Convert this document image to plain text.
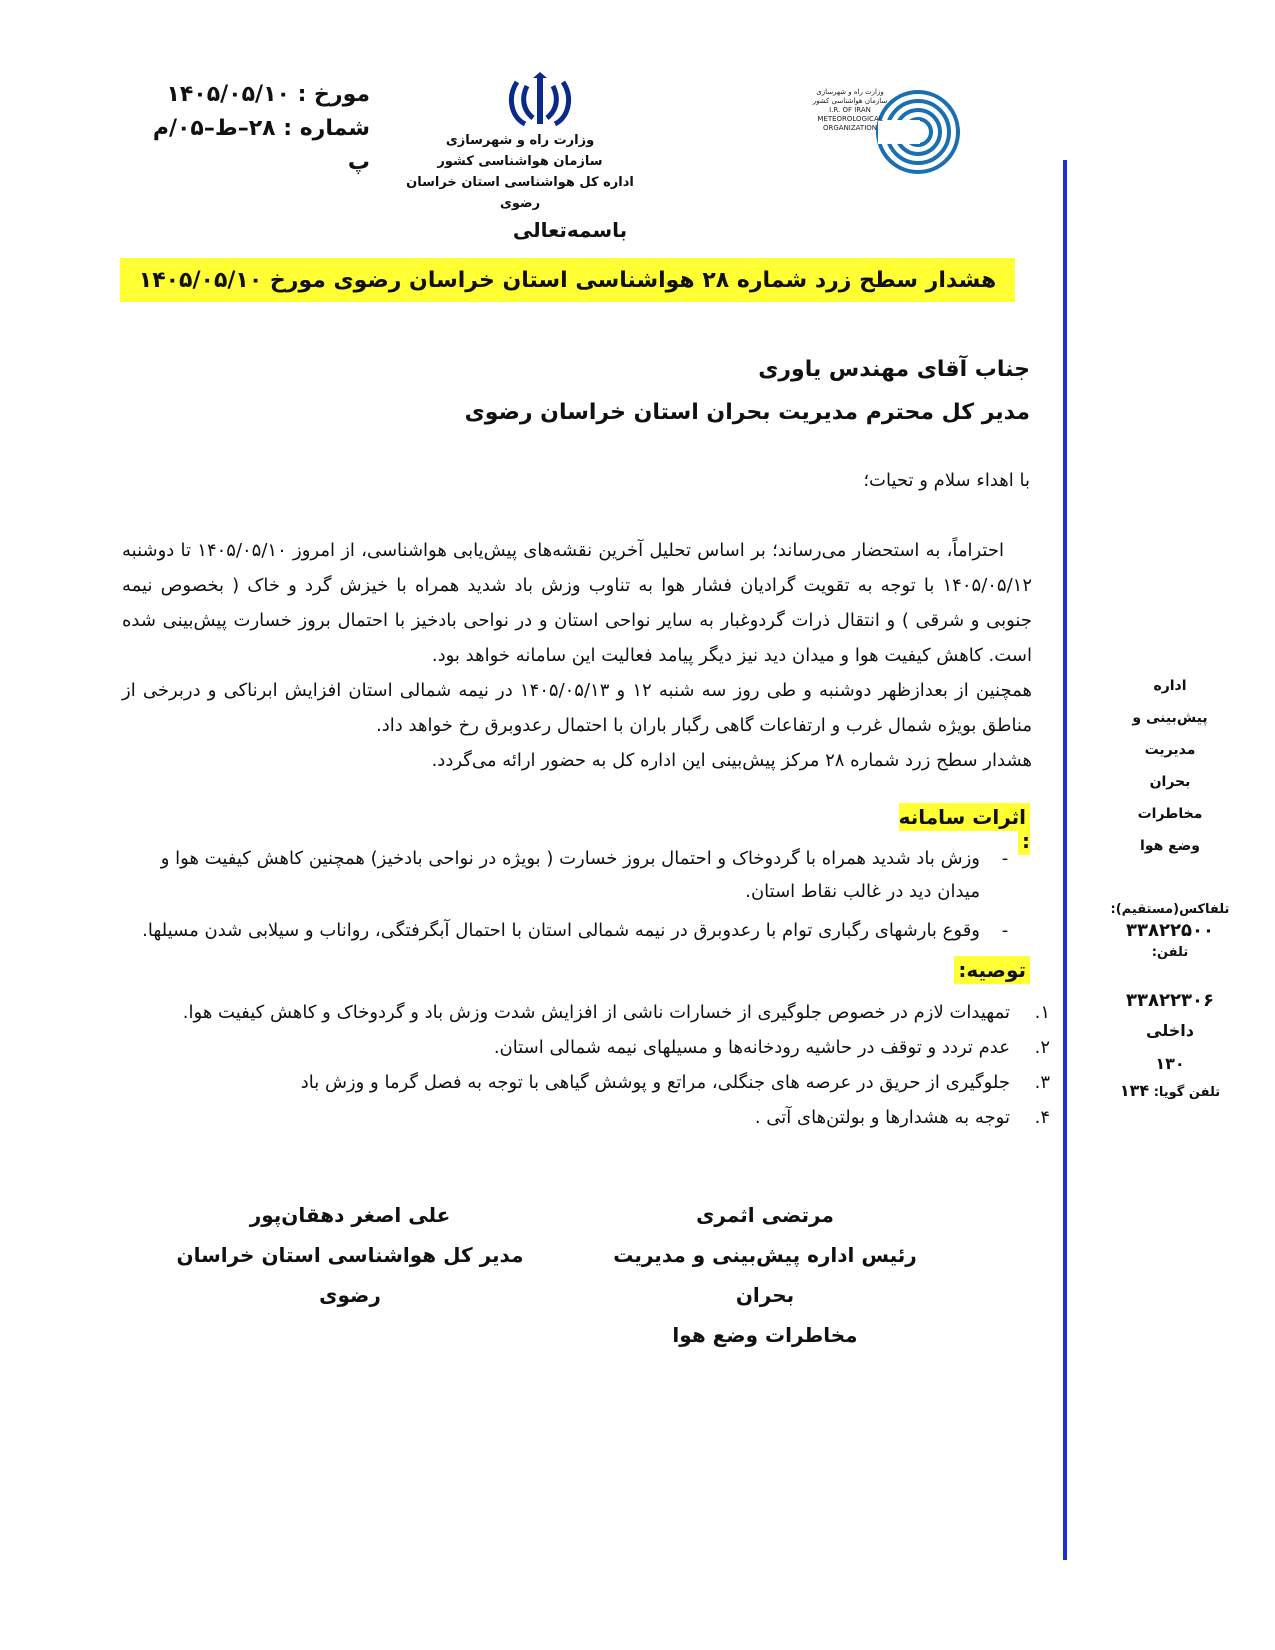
مورخ : ۱۴۰۵/۰۵/۱۰
شماره : ۲۸–ط–۰۵/م پ
وزارت راه و شهرسازی
سازمان هواشناسی کشور
اداره کل هواشناسی استان خراسان رضوی
وزارت راه و شهرسازی
سازمان هواشناسی کشور
I.R. OF IRAN
METEOROLOGICAL
ORGANIZATION
باسمه‌تعالی
هشدار سطح زرد شماره ۲۸ هواشناسی استان خراسان رضوی مورخ ۱۴۰۵/۰۵/۱۰
جناب آقای مهندس یاوری
مدیر کل محترم مدیریت بحران استان خراسان رضوی
با اهداء سلام و تحیات؛

احتراماً، به استحضار می‌رساند؛ بر اساس تحلیل آخرین نقشه‌های پیش‌یابی هواشناسی، از امروز ۱۴۰۵/۰۵/۱۰ تا دوشنبه ۱۴۰۵/۰۵/۱۲ با توجه به تقویت گرادیان فشار هوا به تناوب وزش باد شدید همراه با خیزش گرد و خاک ( بخصوص نیمه جنوبی و شرقی ) و انتقال ذرات گردوغبار به سایر نواحی استان و در نواحی بادخیز با احتمال بروز خسارت پیش‌بینی شده است. کاهش کیفیت هوا و میدان دید نیز دیگر پیامد فعالیت این سامانه خواهد بود.

همچنین از بعدازظهر دوشنبه و طی روز سه شنبه ۱۲ و ۱۴۰۵/۰۵/۱۳ در نیمه شمالی استان افزایش ابرناکی و دربرخی از مناطق بویژه شمال غرب و ارتفاعات گاهی رگبار باران با احتمال رعدوبرق رخ خواهد داد.

هشدار سطح زرد شماره ۲۸ مرکز پیش‌بینی این اداره کل به حضور ارائه می‌گردد.

اثرات سامانه :
-
وزش باد شدید همراه با گردوخاک و احتمال بروز خسارت ( بویژه در نواحی بادخیز) همچنین کاهش کیفیت هوا و میدان دید در غالب نقاط استان.
-
وقوع بارشهای رگباری توام با رعدوبرق در نیمه شمالی استان با احتمال آبگرفتگی، رواناب و سیلابی شدن مسیلها.
توصیه:
۱.
تمهیدات لازم در خصوص جلوگیری از خسارات ناشی از افزایش شدت وزش باد و گردوخاک و کاهش کیفیت هوا.
۲.
عدم تردد و توقف در حاشیه رودخانه‌ها و مسیلهای نیمه شمالی استان.
۳.
جلوگیری از حریق در عرصه های جنگلی، مراتع و پوشش گیاهی با توجه به فصل گرما و وزش باد
۴.
توجه به هشدارها و بولتن‌های آتی .
مرتضی اثمری
رئیس اداره پیش‌بینی و مدیریت بحران
مخاطرات وضع هوا
علی اصغر دهقان‌پور
مدیر کل هواشناسی استان خراسان رضوی
اداره
پیش‌بینی و
مدیریت
بحران
مخاطرات
وضع هوا
تلفاکس(مستقیم):
۳۳۸۲۲۵۰۰
تلفن:
۳۳۸۲۲۳۰۶
داخلی
۱۳۰
تلفن گویا: ۱۳۴
